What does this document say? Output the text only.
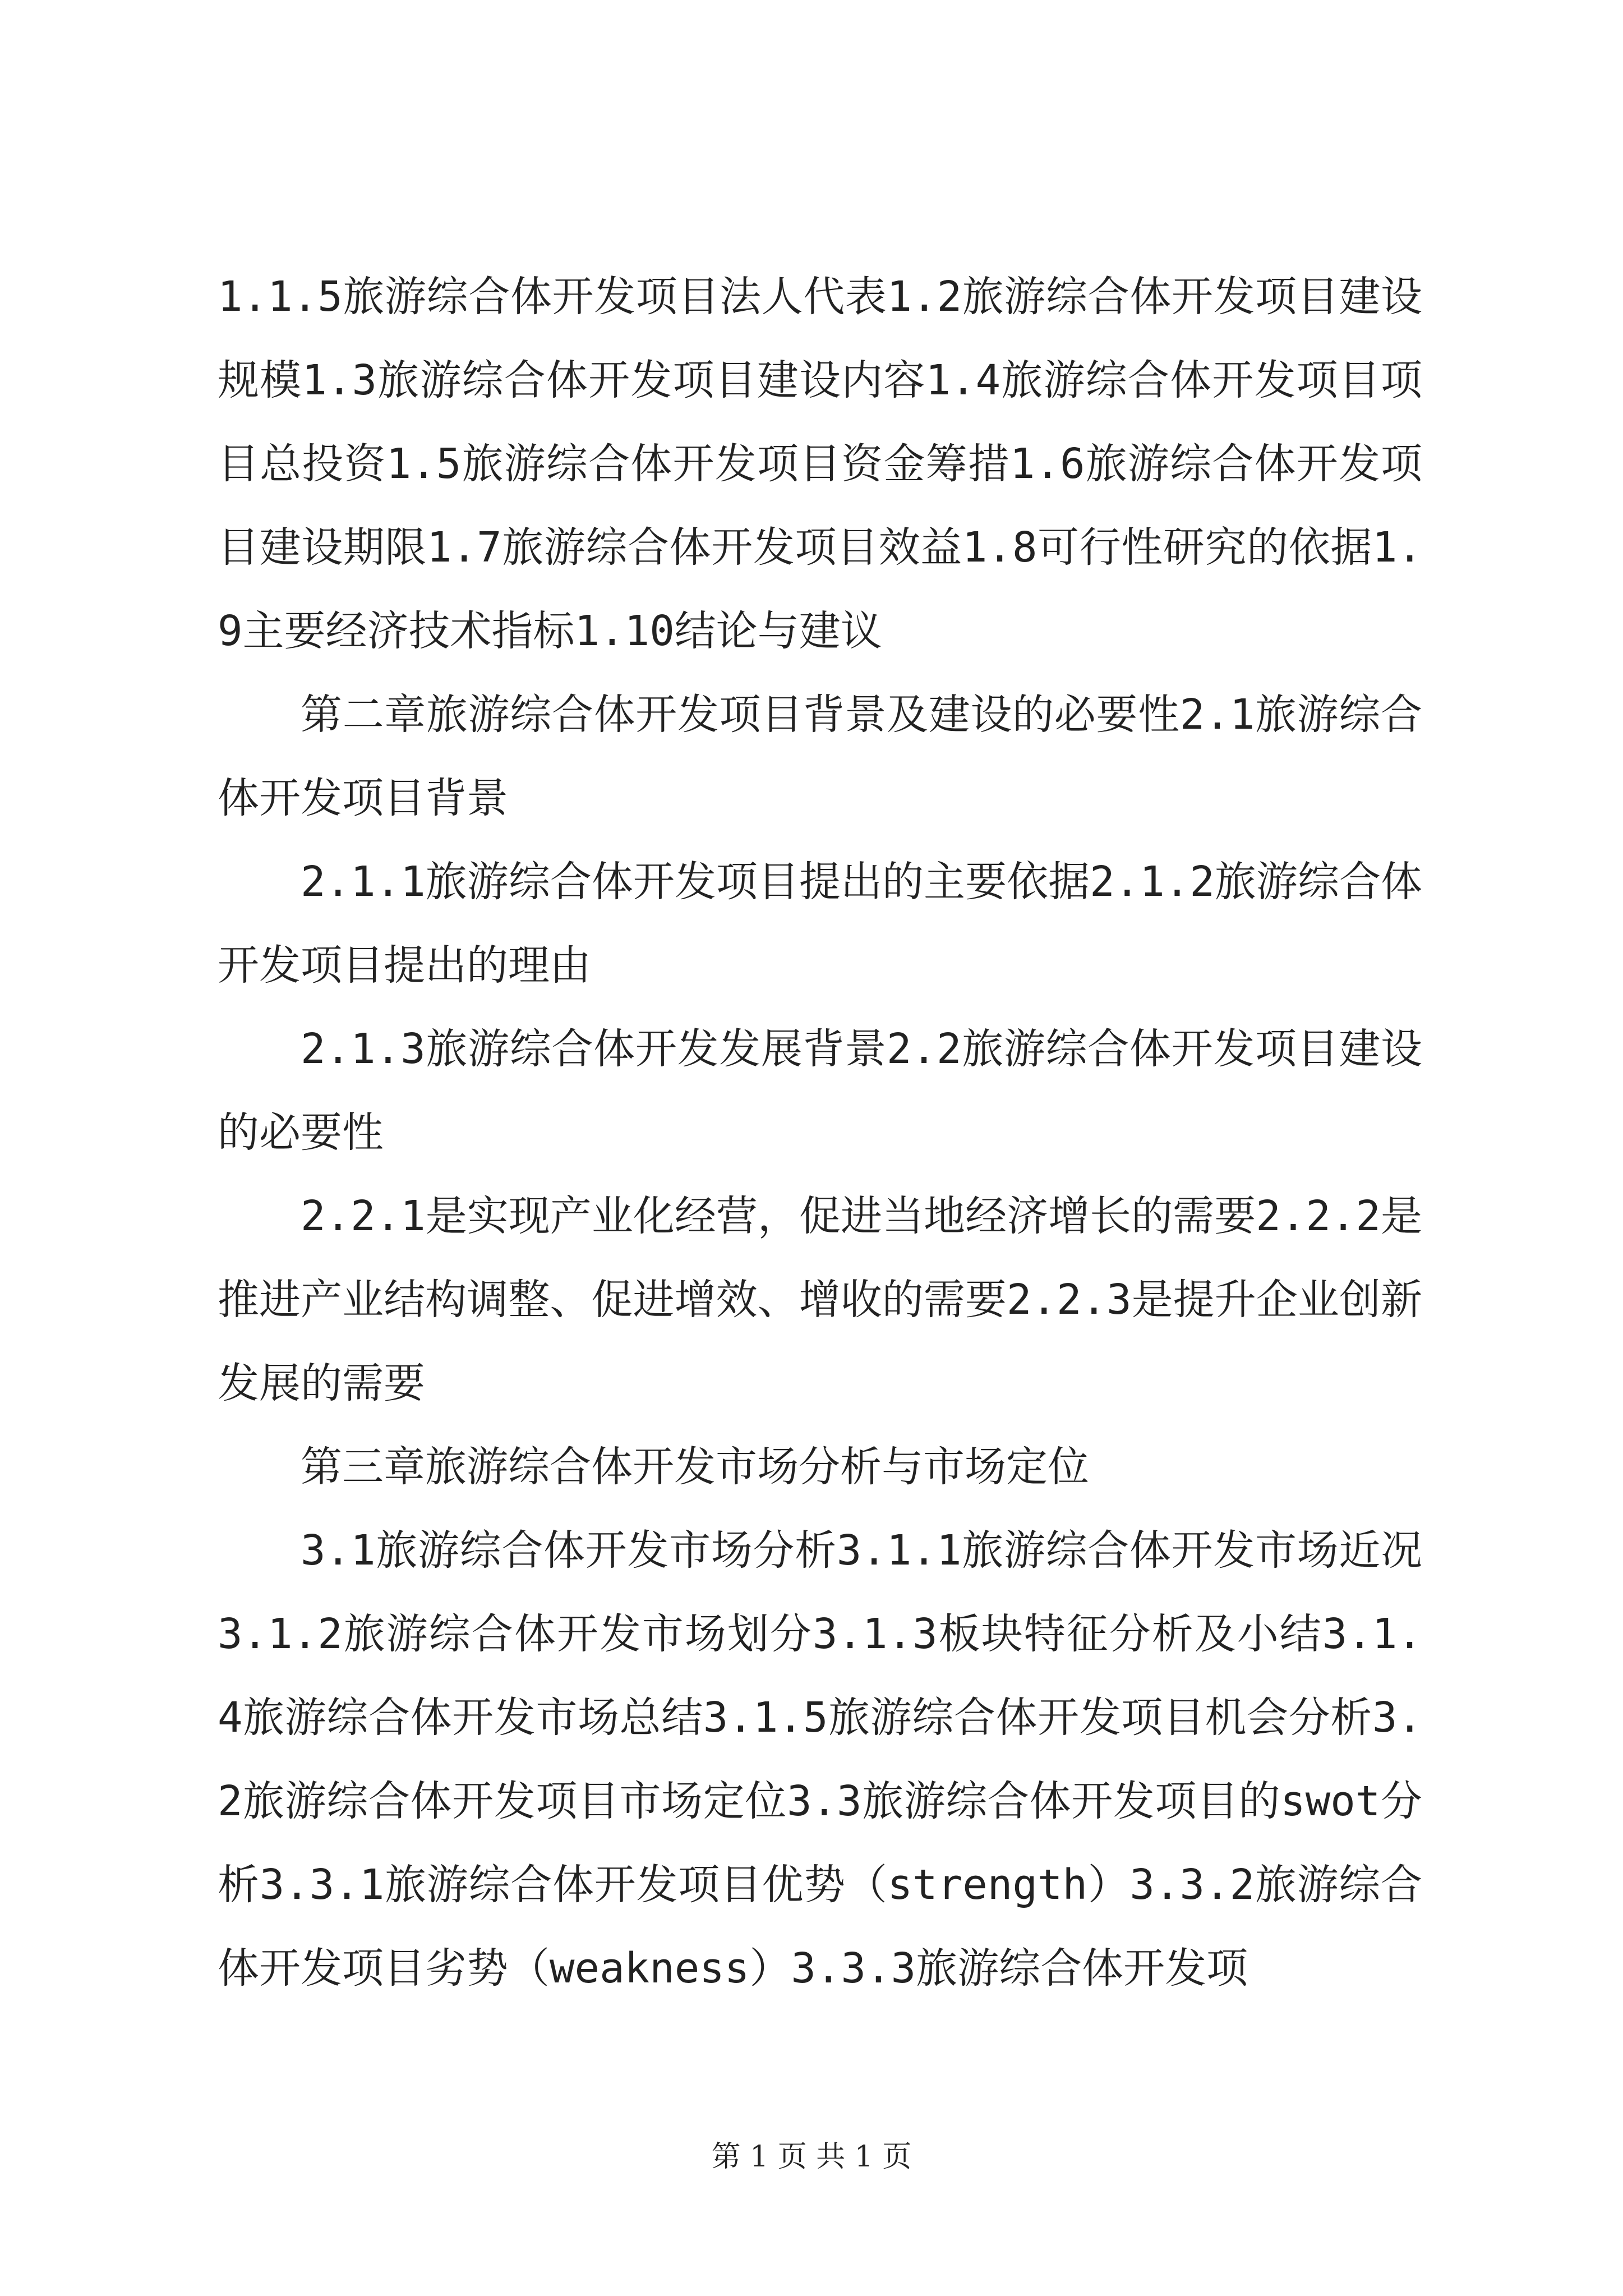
1.1.5旅游综合体开发项目法人代表1.2旅游综合体开发项目建设规模1.3旅游综合体开发项目建设内容1.4旅游综合体开发项目项目总投资1.5旅游综合体开发项目资金筹措1.6旅游综合体开发项目建设期限1.7旅游综合体开发项目效益1.8可行性研究的依据1.9主要经济技术指标1.10结论与建议

第二章旅游综合体开发项目背景及建设的必要性2.1旅游综合体开发项目背景

2.1.1旅游综合体开发项目提出的主要依据2.1.2旅游综合体开发项目提出的理由

2.1.3旅游综合体开发发展背景2.2旅游综合体开发项目建设的必要性

2.2.1是实现产业化经营，促进当地经济增长的需要2.2.2是推进产业结构调整、促进增效、增收的需要2.2.3是提升企业创新发展的需要

第三章旅游综合体开发市场分析与市场定位

3.1旅游综合体开发市场分析3.1.1旅游综合体开发市场近况3.1.2旅游综合体开发市场划分3.1.3板块特征分析及小结3.1.4旅游综合体开发市场总结3.1.5旅游综合体开发项目机会分析3.2旅游综合体开发项目市场定位3.3旅游综合体开发项目的swot分析3.3.1旅游综合体开发项目优势（strength）3.3.2旅游综合体开发项目劣势（weakness）3.3.3旅游综合体开发项

第 1 页 共 1 页
